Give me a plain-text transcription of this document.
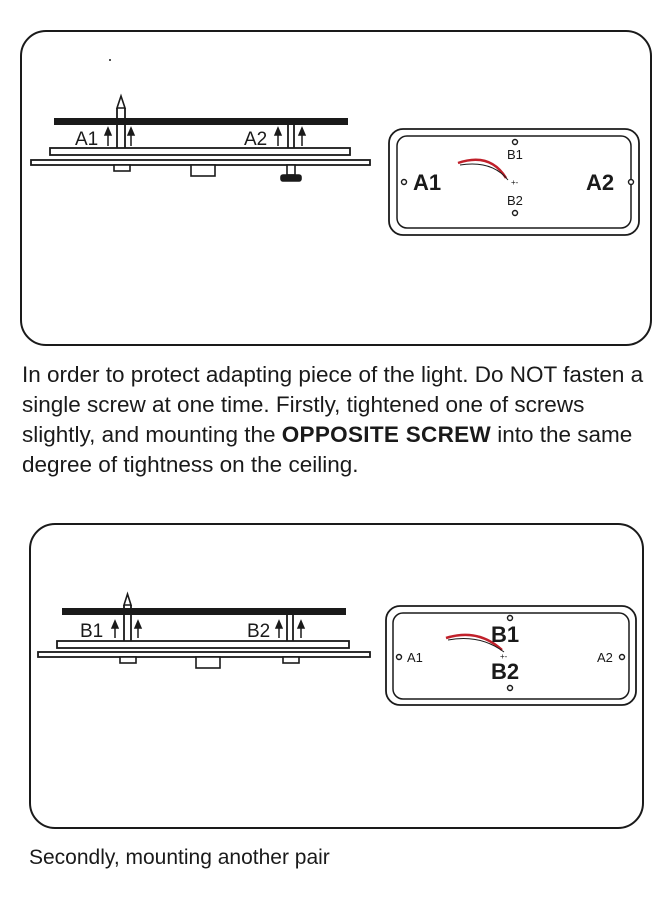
A1	A2
+-
B1
B2
A1	A2

In order to protect adapting piece of the light. Do NOT fasten a single screw at one time. Firstly, tightened one of screws slightly, and mounting the OPPOSITE SCREW into the same degree of tightness on the ceiling.

B1	B2
+-
B1
B2
A1	A2

Secondly, mounting another pair
